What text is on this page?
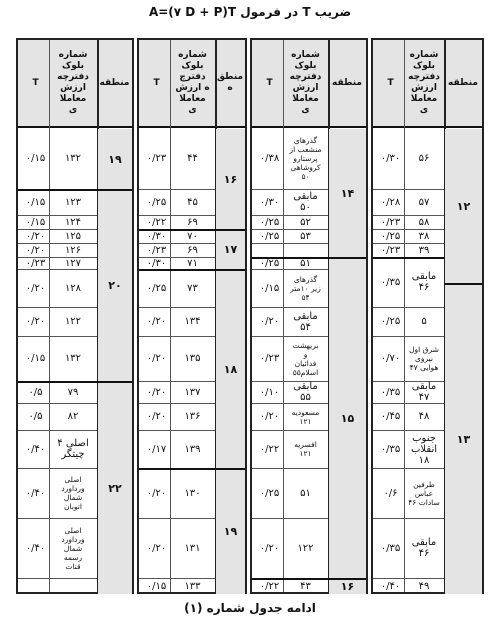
ضریب T در فرمول A=(۷ D + P)T
منطقه
شماره
بلوک
دفترچه
ارزش
معاملا
ی
T
۱۲
۱۳
۵۶
۰/۳۰
۵۷
۰/۲۸
۵۸
۰/۲۳
۳۸
۰/۲۵
۳۹
۰/۲۳
مابقی
۴۶
۰/۳۵
۵
۰/۲۵
شرق اول
نیروی
هوایی ۴۷
۰/۷۰
مابقی
۴۷
۰/۳۵
۴۸
۰/۴۵
جنوب
انقلاب
۱۸
۰/۳۵
طرفین
عباس
سادات ۴۶
۰/۶
مابقی
۴۶
۰/۳۵
۴۹
۰/۴۰
منطقه
شماره
بلوک
دفترچه
ارزش
معاملا
ی
T
۱۴
۱۵
۱۶
گذرهای
منشعب از
پرستارو
کروشاهی
۵۰
۰/۳۸
مابقی
۵۰
۰/۳۰
۵۲
۰/۲۵
۵۳
۰/۲۵
۵۱
۰/۲۵
گذرهای
زیر ۱۰متر
۵۴
۰/۱۵
مابقی
۵۴
۰/۲۰
بریهشت
و
فدائیان
اسلام۵۵
۰/۲۳
مابقی
۵۵
۰/۱۰
مسعودیه
۱۲۱
۰/۲۰
افسریه
۱۲۱
۰/۲۲
۵۱
۰/۲۵
۱۲۲
۰/۲۰
۴۳
۰/۲۲
منطق
ه
شماره
بلوک
دفترچ
ه ارزش
معاملا
ی
T
۱۶
۱۷
۱۸
۱۹
۴۴
۰/۲۳
۴۵
۰/۲۵
۶۹
۰/۲۲
۷۰
۰/۳۰
۶۹
۰/۲۳
۷۱
۰/۳۰
۷۳
۰/۲۵
۱۳۴
۰/۲۰
۱۳۵
۰/۲۰
۱۳۷
۰/۲۰
۱۳۶
۰/۲۰
۱۳۹
۰/۱۷
۱۳۰
۰/۲۰
۱۳۱
۰/۲۰
۱۳۳
۰/۱۵
منطقه
شماره
بلوک
دفترچه
ارزش
معاملا
ی
T
۱۹
۲۰
۲۲
۱۳۲
۰/۱۵
۱۲۳
۰/۱۵
۱۲۴
۰/۱۵
۱۲۵
۰/۲۰
۱۲۶
۰/۲۰
۱۲۷
۰/۲۳
۱۲۸
۰/۲۰
۱۲۲
۰/۲۰
۱۳۲
۰/۱۵
۷۹
۰/۵
۸۲
۰/۵
اصلی ۴
چیتگر
۰/۴۰
اصلی
ورداورد
شمال
اتوبان
۰/۴۰
اصلی
ورداورد
شمال
رسمه
قنات
۰/۴۰
ادامه جدول شماره (۱)
